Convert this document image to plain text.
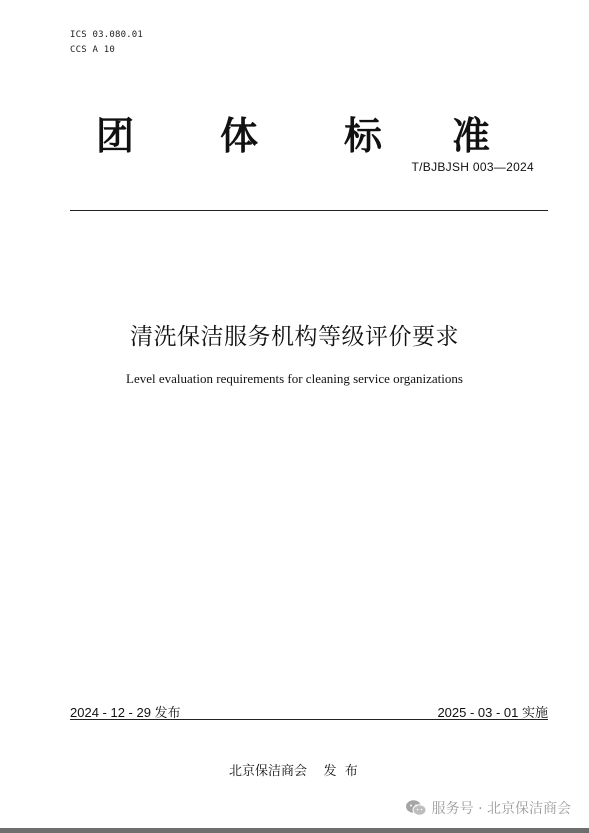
ICS 03.080.01
CCS A 10
团 体 标 准
T/BJBJSH 003—2024
清洗保洁服务机构等级评价要求
Level evaluation requirements for cleaning service organizations
2024 - 12 - 29 发布	2025 - 03 - 01 实施
北京保洁商会    发  布
服务号 · 北京保洁商会
